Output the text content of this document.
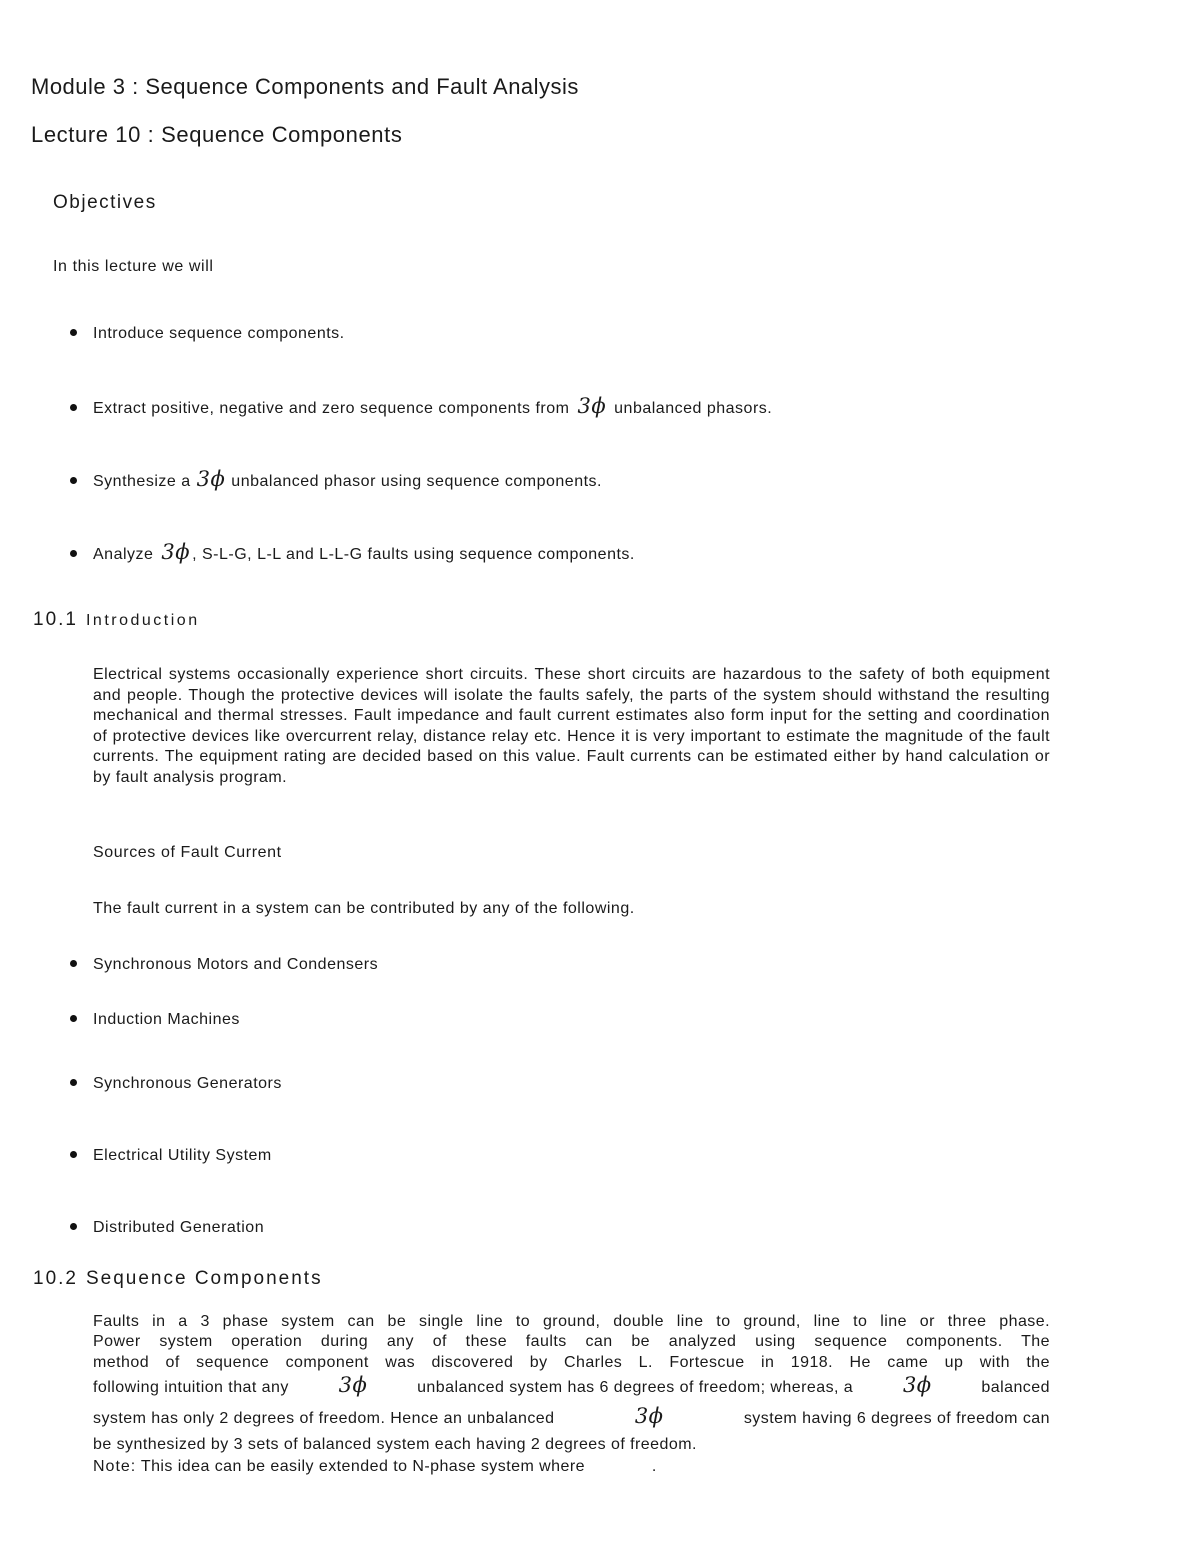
Module 3 : Sequence Components and Fault Analysis
Lecture 10 : Sequence Components
Objectives
In this lecture we will
Introduce sequence components.
Extract positive, negative and zero sequence components from 3ϕ unbalanced phasors.
Synthesize a 3ϕ unbalanced phasor using sequence components.
Analyze 3ϕ , S-L-G, L-L and L-L-G faults using sequence components.
10.1 Introduction

Electrical systems occasionally experience short circuits. These short circuits are hazardous to the safety of both equipment and people. Though the protective devices will isolate the faults safely, the parts of the system should withstand the resulting mechanical and thermal stresses. Fault impedance and fault current estimates also form input for the setting and coordination of protective devices like overcurrent relay, distance relay etc. Hence it is very important to estimate the magnitude of the fault currents. The equipment rating are decided based on this value. Fault currents can be estimated either by hand calculation or by fault analysis program.

Sources of Fault Current
The fault current in a system can be contributed by any of the following.
Synchronous Motors and Condensers
Induction Machines
Synchronous Generators
Electrical Utility System
Distributed Generation
10.2 Sequence Components
Faults in a 3 phase system can be single line to ground, double line to ground, line to line or three phase.
Power system operation during any of these faults can be analyzed using sequence components. The
method of sequence component was discovered by Charles L. Fortescue in 1918. He came up with the
following intuition that any 3ϕ	unbalanced system has 6 degrees of freedom; whereas, a 3ϕ	balanced
system has only 2 degrees of freedom. Hence an unbalanced	3ϕ	system having 6 degrees of freedom can
be synthesized by 3 sets of balanced system each having 2 degrees of freedom.
Note: This idea can be easily extended to N-phase system where	.
